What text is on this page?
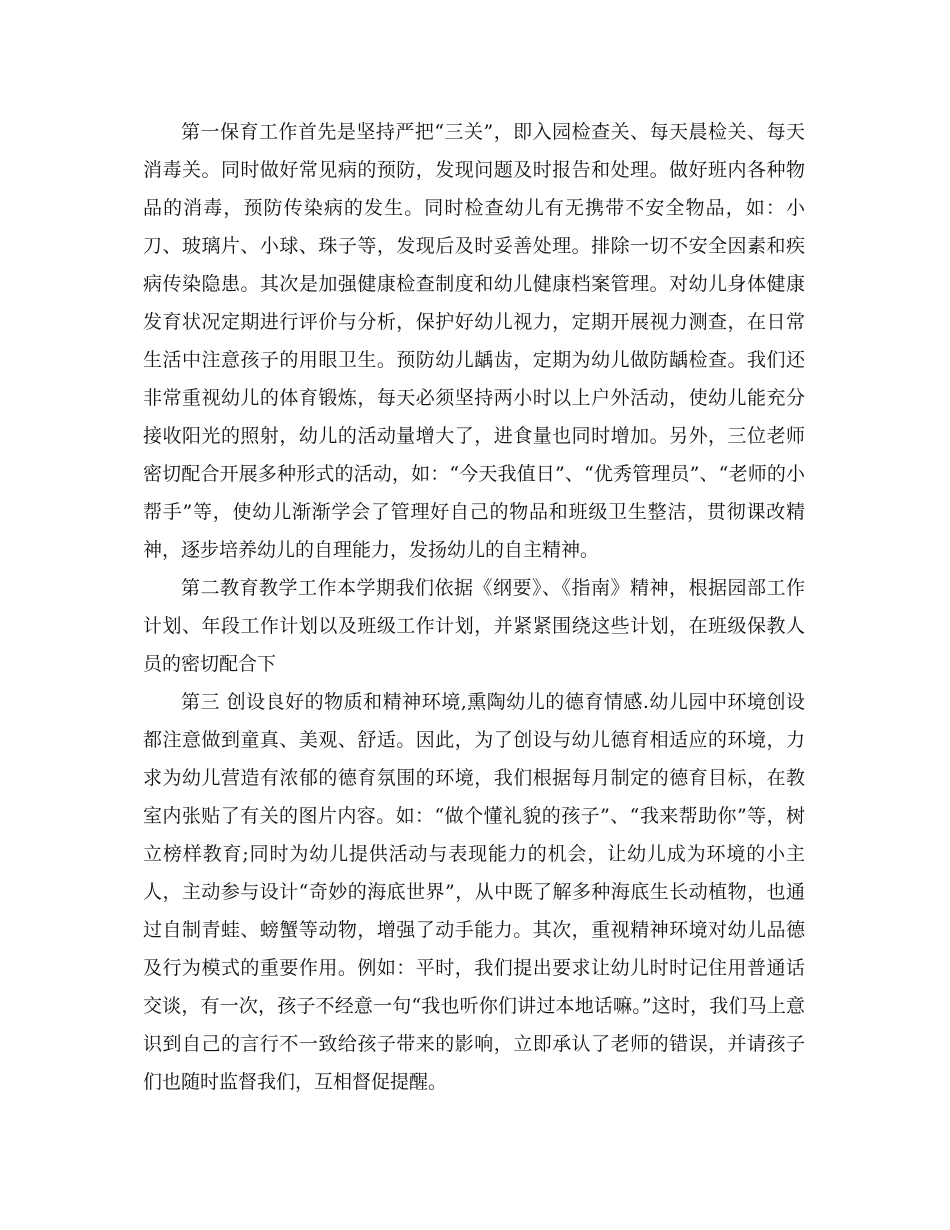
第一保育工作首先是坚持严把“三关”，即入园检查关、每天晨检关、每天消毒关。同时做好常见病的预防，发现问题及时报告和处理。做好班内各种物品的消毒，预防传染病的发生。同时检查幼儿有无携带不安全物品，如：小刀、玻璃片、小球、珠子等，发现后及时妥善处理。排除一切不安全因素和疾病传染隐患。其次是加强健康检查制度和幼儿健康档案管理。对幼儿身体健康发育状况定期进行评价与分析，保护好幼儿视力，定期开展视力测查，在日常生活中注意孩子的用眼卫生。预防幼儿龋齿，定期为幼儿做防龋检查。我们还非常重视幼儿的体育锻炼，每天必须坚持两小时以上户外活动，使幼儿能充分接收阳光的照射，幼儿的活动量增大了，进食量也同时增加。另外，三位老师密切配合开展多种形式的活动，如：“今天我值日”、“优秀管理员”、“老师的小帮手”等，使幼儿渐渐学会了管理好自己的物品和班级卫生整洁，贯彻课改精神，逐步培养幼儿的自理能力，发扬幼儿的自主精神。

第二教育教学工作本学期我们依据《纲要》、《指南》精神，根据园部工作计划、年段工作计划以及班级工作计划，并紧紧围绕这些计划，在班级保教人员的密切配合下

第三 创设良好的物质和精神环境,熏陶幼儿的德育情感.幼儿园中环境创设都注意做到童真、美观、舒适。因此，为了创设与幼儿德育相适应的环境，力求为幼儿营造有浓郁的德育氛围的环境，我们根据每月制定的德育目标，在教室内张贴了有关的图片内容。如：“做个懂礼貌的孩子”、“我来帮助你”等，树立榜样教育;同时为幼儿提供活动与表现能力的机会，让幼儿成为环境的小主人，主动参与设计“奇妙的海底世界”，从中既了解多种海底生长动植物，也通过自制青蛙、螃蟹等动物，增强了动手能力。其次，重视精神环境对幼儿品德及行为模式的重要作用。例如：平时，我们提出要求让幼儿时时记住用普通话交谈，有一次，孩子不经意一句“我也听你们讲过本地话嘛。”这时，我们马上意识到自己的言行不一致给孩子带来的影响，立即承认了老师的错误，并请孩子们也随时监督我们，互相督促提醒。
